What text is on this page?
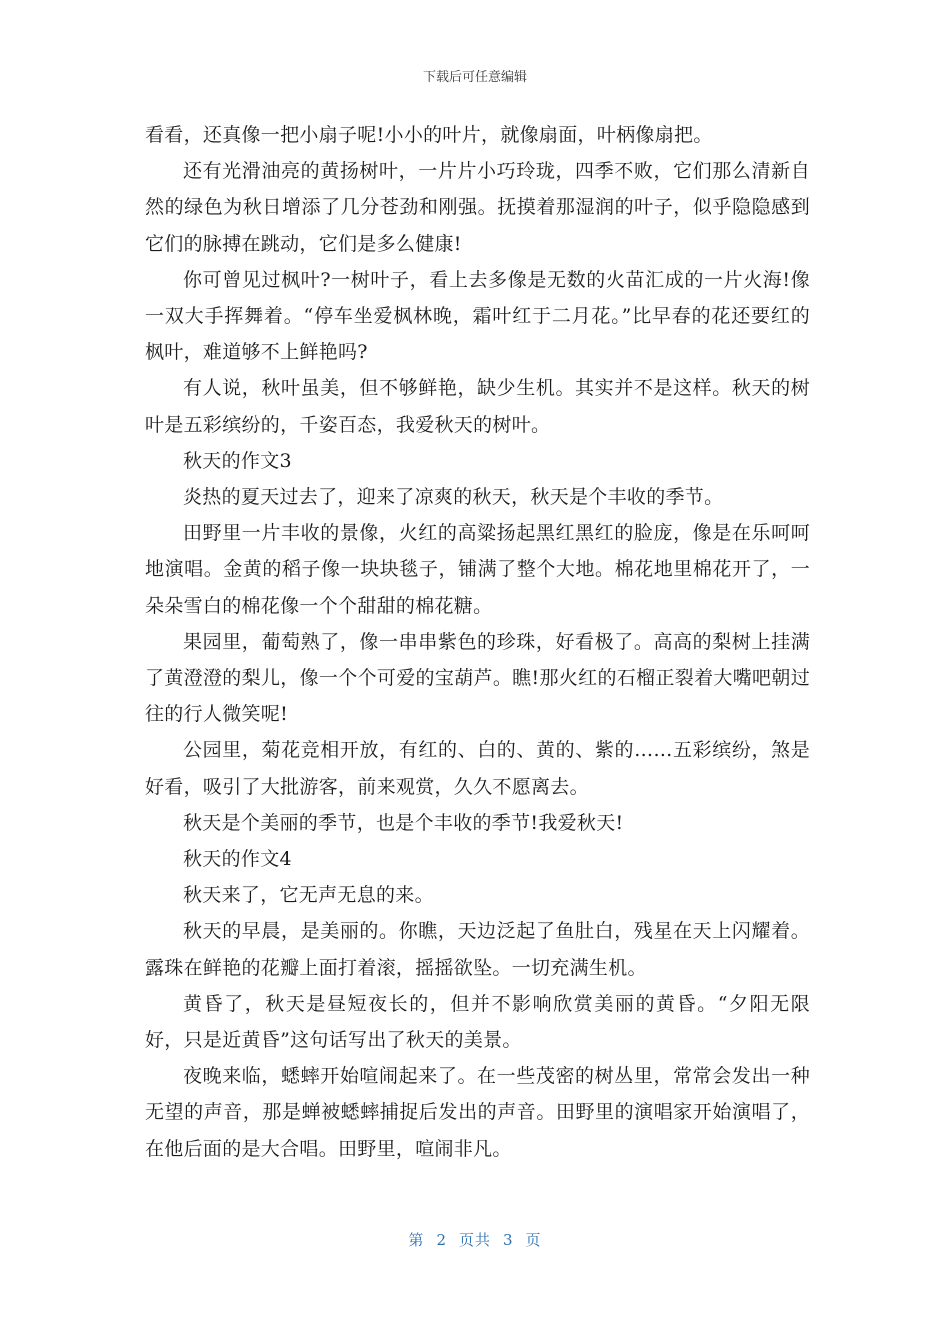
下载后可任意编辑

看看，还真像一把小扇子呢!小小的叶片，就像扇面，叶柄像扇把。

还有光滑油亮的黄扬树叶，一片片小巧玲珑，四季不败，它们那么清新自然的绿色为秋日增添了几分苍劲和刚强。抚摸着那湿润的叶子，似乎隐隐感到它们的脉搏在跳动，它们是多么健康!

你可曾见过枫叶?一树叶子，看上去多像是无数的火苗汇成的一片火海!像一双大手挥舞着。“停车坐爱枫林晚，霜叶红于二月花。”比早春的花还要红的枫叶，难道够不上鲜艳吗?

有人说，秋叶虽美，但不够鲜艳，缺少生机。其实并不是这样。秋天的树叶是五彩缤纷的，千姿百态，我爱秋天的树叶。

秋天的作文3

炎热的夏天过去了，迎来了凉爽的秋天，秋天是个丰收的季节。

田野里一片丰收的景像，火红的高粱扬起黑红黑红的脸庞，像是在乐呵呵地演唱。金黄的稻子像一块块毯子，铺满了整个大地。棉花地里棉花开了，一朵朵雪白的棉花像一个个甜甜的棉花糖。

果园里，葡萄熟了，像一串串紫色的珍珠，好看极了。高高的梨树上挂满了黄澄澄的梨儿，像一个个可爱的宝葫芦。瞧!那火红的石榴正裂着大嘴吧朝过往的行人微笑呢!

公园里，菊花竞相开放，有红的、白的、黄的、紫的……五彩缤纷，煞是好看，吸引了大批游客，前来观赏，久久不愿离去。

秋天是个美丽的季节，也是个丰收的季节!我爱秋天!

秋天的作文4

秋天来了，它无声无息的来。

秋天的早晨，是美丽的。你瞧，天边泛起了鱼肚白，残星在天上闪耀着。露珠在鲜艳的花瓣上面打着滚，摇摇欲坠。一切充满生机。

黄昏了，秋天是昼短夜长的，但并不影响欣赏美丽的黄昏。“夕阳无限好，只是近黄昏”这句话写出了秋天的美景。

夜晚来临，蟋蟀开始喧闹起来了。在一些茂密的树丛里，常常会发出一种无望的声音，那是蝉被蟋蟀捕捉后发出的声音。田野里的演唱家开始演唱了，在他后面的是大合唱。田野里，喧闹非凡。

第 2 页共 3 页
